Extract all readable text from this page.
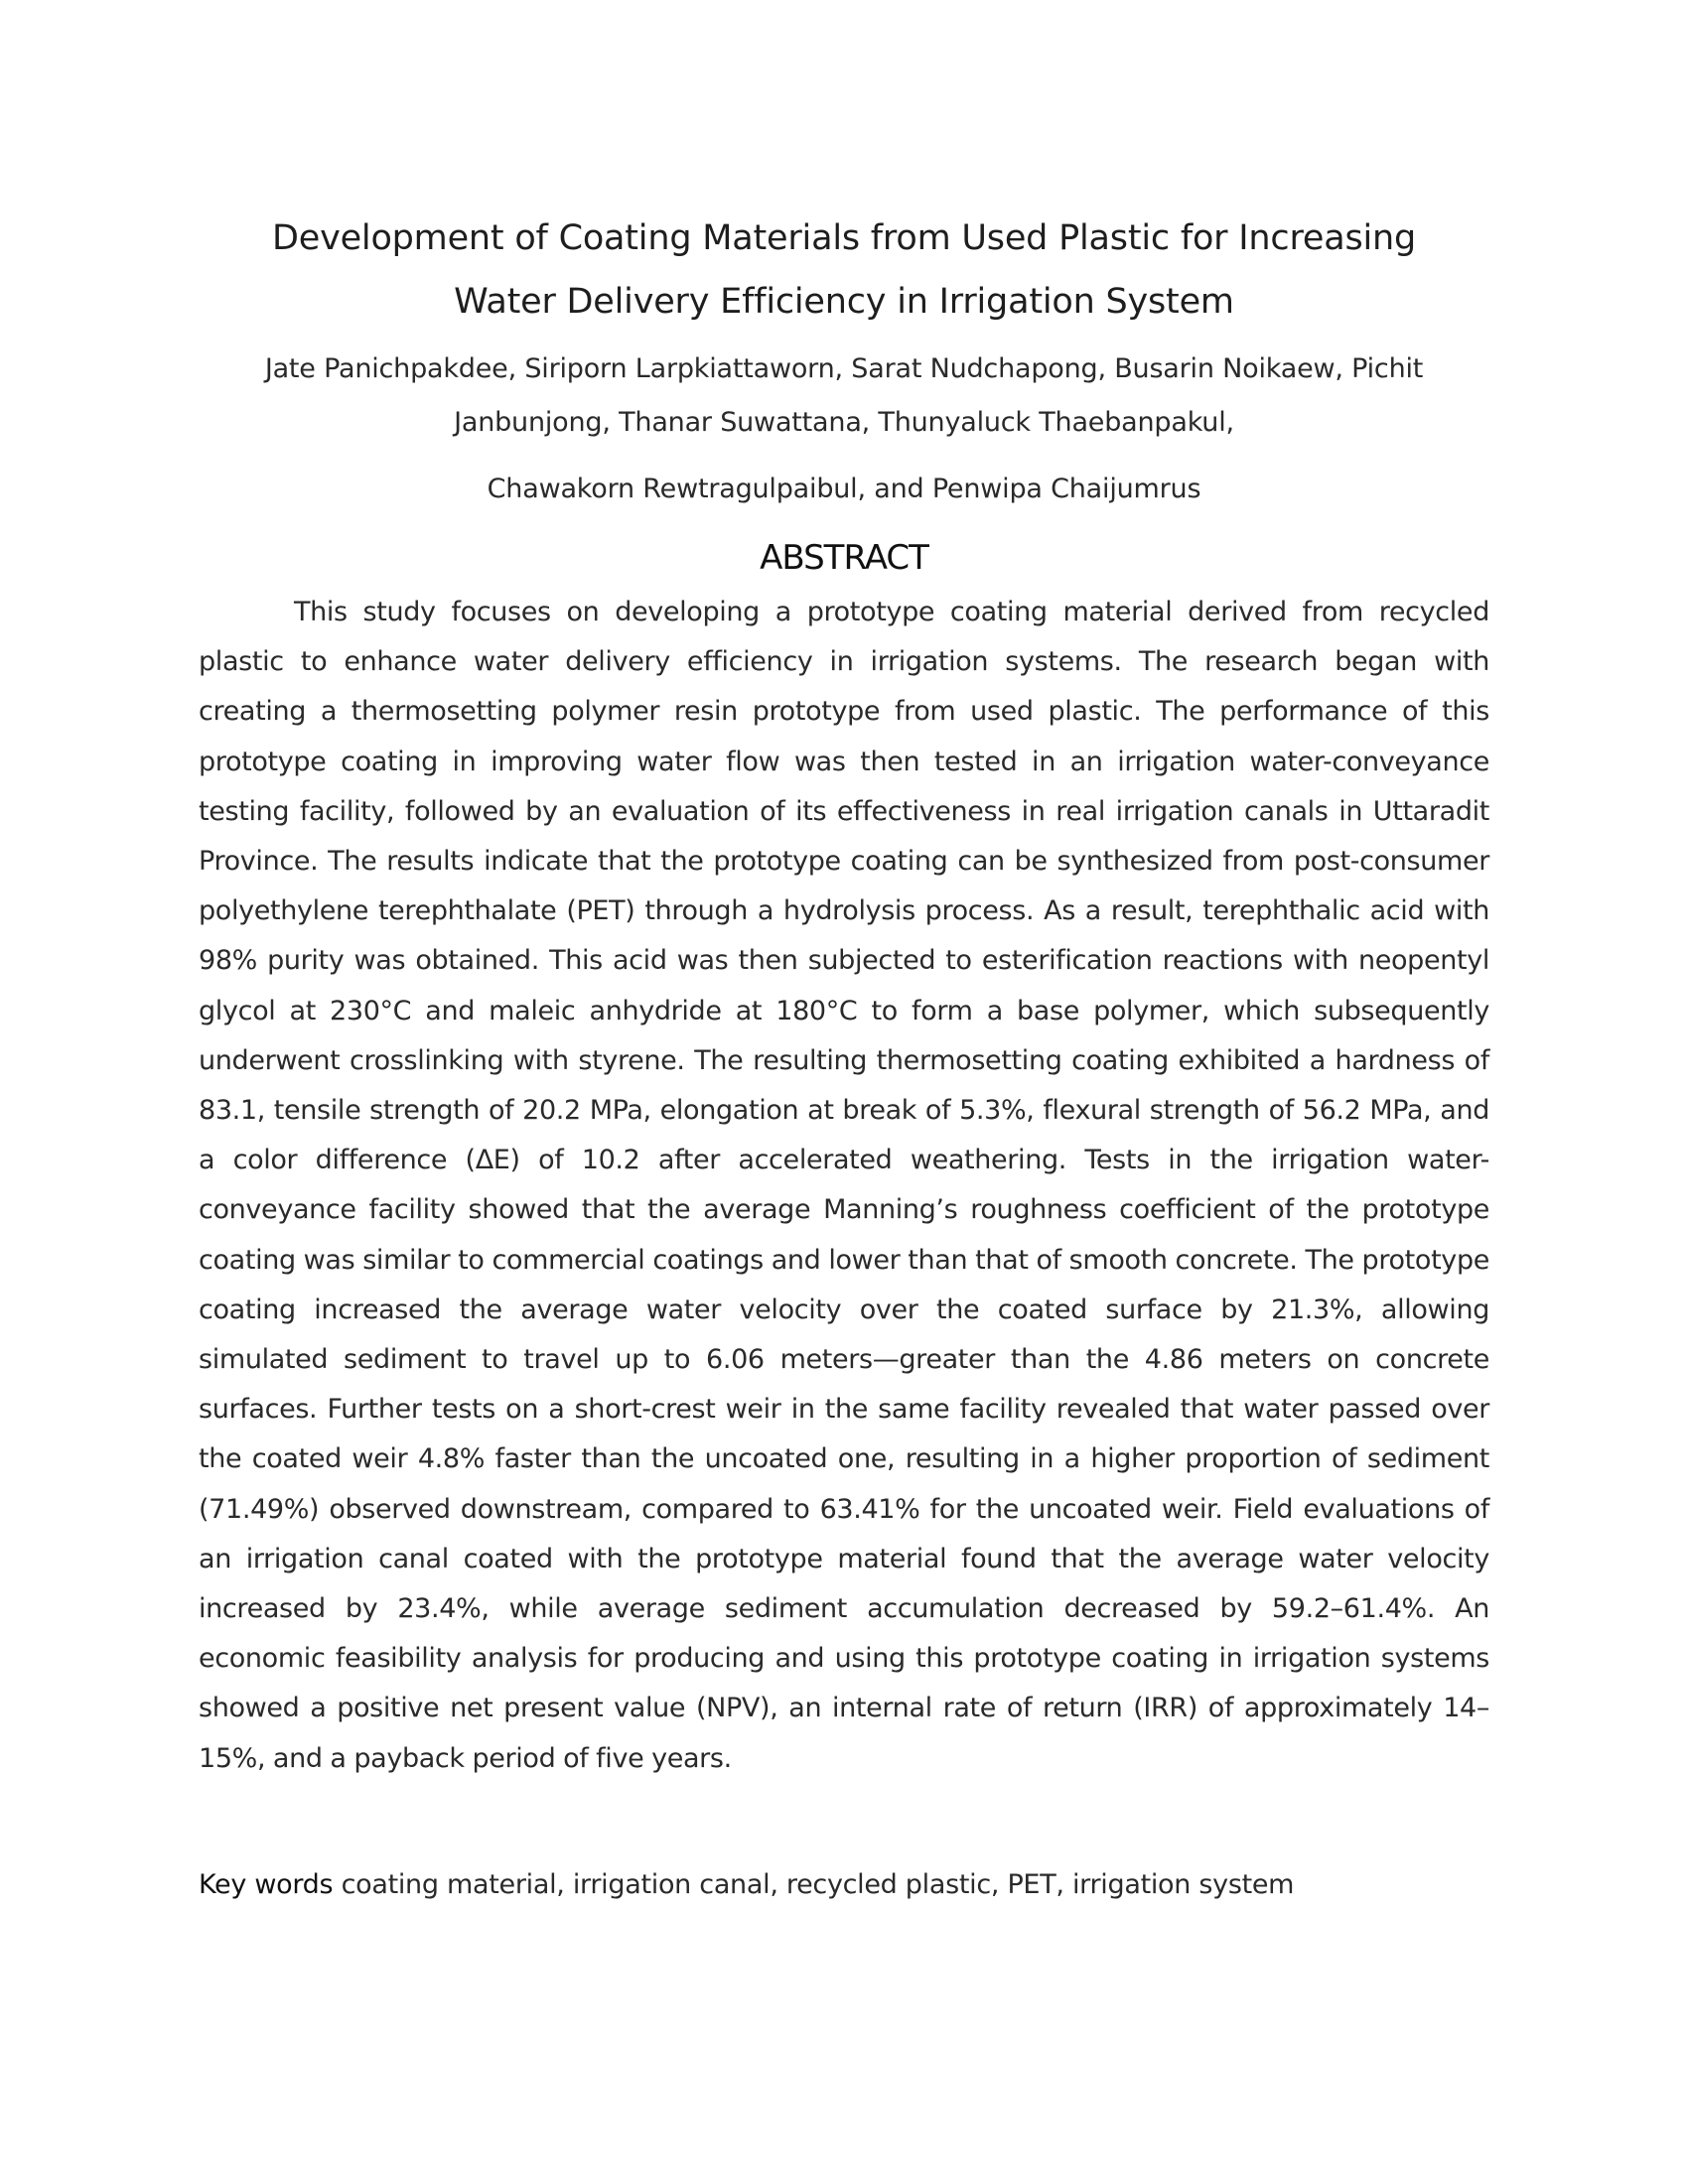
Development of Coating Materials from Used Plastic for Increasing
Water Delivery Efficiency in Irrigation System

Jate Panichpakdee, Siriporn Larpkiattaworn, Sarat Nudchapong, Busarin Noikaew, Pichit
Janbunjong, Thanar Suwattana, Thunyaluck Thaebanpakul,

Chawakorn Rewtragulpaibul, and Penwipa Chaijumrus

ABSTRACT

This study focuses on developing a prototype coating material derived from recycled plastic to enhance water delivery efficiency in irrigation systems. The research began with creating a thermosetting polymer resin prototype from used plastic. The performance of this prototype coating in improving water flow was then tested in an irrigation water-conveyance testing facility, followed by an evaluation of its effectiveness in real irrigation canals in Uttaradit Province. The results indicate that the prototype coating can be synthesized from post-consumer polyethylene terephthalate (PET) through a hydrolysis process. As a result, terephthalic acid with 98% purity was obtained. This acid was then subjected to esterification reactions with neopentyl glycol at 230°C and maleic anhydride at 180°C to form a base polymer, which subsequently underwent crosslinking with styrene. The resulting thermosetting coating exhibited a hardness of 83.1, tensile strength of 20.2 MPa, elongation at break of 5.3%, flexural strength of 56.2 MPa, and a color difference (ΔE) of 10.2 after accelerated weathering. Tests in the irrigation water-conveyance facility showed that the average Manning’s roughness coefficient of the prototype coating was similar to commercial coatings and lower than that of smooth concrete. The prototype coating increased the average water velocity over the coated surface by 21.3%, allowing simulated sediment to travel up to 6.06 meters—greater than the 4.86 meters on concrete surfaces. Further tests on a short-crest weir in the same facility revealed that water passed over the coated weir 4.8% faster than the uncoated one, resulting in a higher proportion of sediment (71.49%) observed downstream, compared to 63.41% for the uncoated weir. Field evaluations of an irrigation canal coated with the prototype material found that the average water velocity increased by 23.4%, while average sediment accumulation decreased by 59.2–61.4%. An economic feasibility analysis for producing and using this prototype coating in irrigation systems showed a positive net present value (NPV), an internal rate of return (IRR) of approximately 14–15%, and a payback period of five years.

Key words coating material, irrigation canal, recycled plastic, PET, irrigation system
